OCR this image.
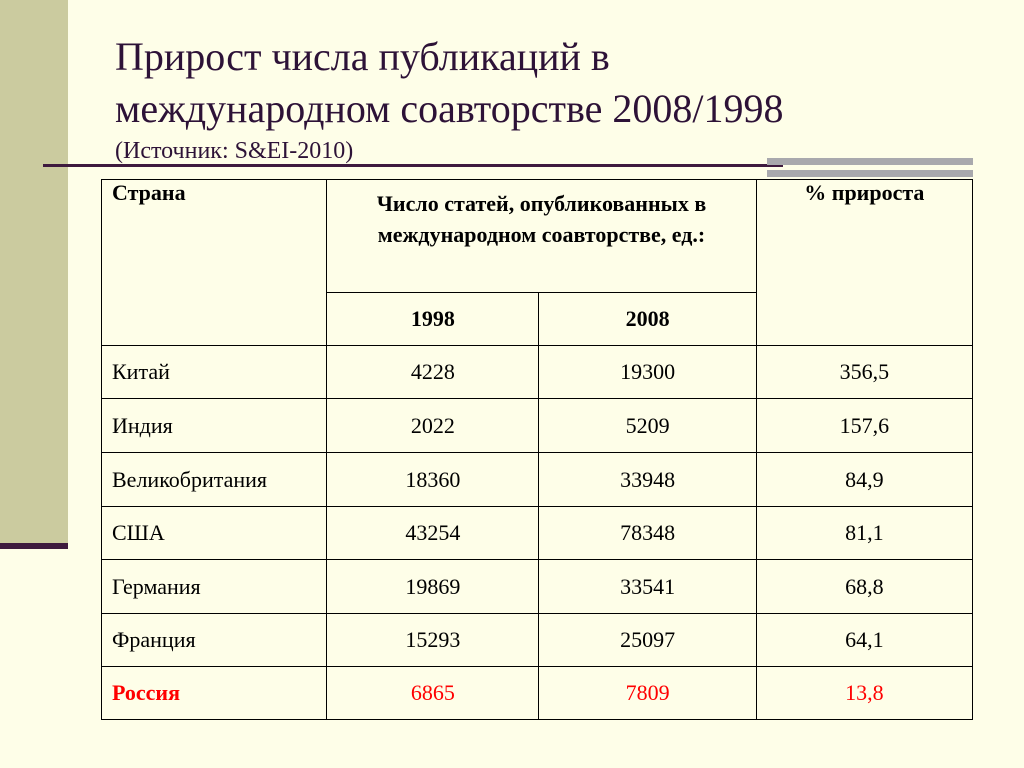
Прирост числа публикаций в
международном соавторстве 2008/1998
(Источник: S&EI-2010)
Страна	Число статей, опубликованных в международном соавторстве, ед.:		% прироста
	1998	2008	
Китай	4228	19300	356,5
Индия	2022	5209	157,6
Великобритания	18360	33948	84,9
США	43254	78348	81,1
Германия	19869	33541	68,8
Франция	15293	25097	64,1
Россия	6865	7809	13,8
